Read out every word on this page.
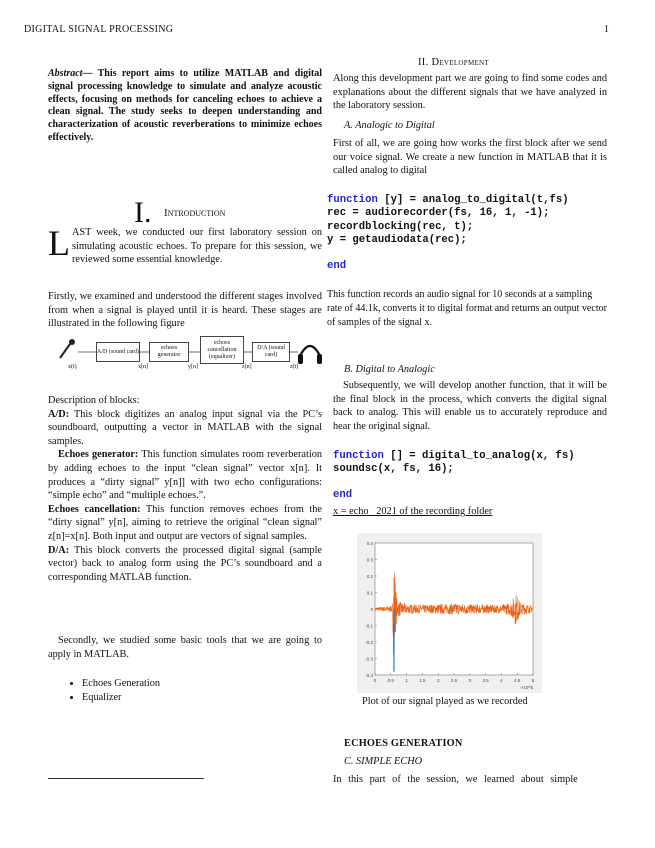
DIGITAL SIGNAL PROCESSING	1

Abstract— This report aims to utilize MATLAB and digital signal processing knowledge to simulate and analyze acoustic effects, focusing on methods for canceling echoes to achieve a clean signal. The study seeks to deepen understanding and characterization of acoustic reverberations to minimize echoes effectively.

I. Introduction

LAST week, we conducted our first laboratory session on simulating acoustic echoes. To prepare for this session, we reviewed some essential knowledge.

Firstly, we examined and understood the different stages involved from when a signal is played until it is heard. These stages are illustrated in the following figure

A/D (sound card)
echoes generator
echoes cancellation (equalizer)
D/A (sound card)
x(t)	x[n]	y[n]	z[n]	z(t)

Description of blocks:

A/D: This block digitizes an analog input signal via the PC’s soundboard, outputting a vector in MATLAB with the signal samples.

Echoes generator: This function simulates room reverberation by adding echoes to the input “clean signal” vector x[n]. It produces a “dirty signal” y[n]] with two echo configurations: “simple echo” and “multiple echoes.”.

Echoes cancellation: This function removes echoes from the “dirty signal” y[n], aiming to retrieve the original “clean signal” z[n]=x[n]. Both input and output are vectors of signal samples.

D/A: This block converts the processed digital signal (sample vector) back to analog form using the PC’s soundboard and a corresponding MATLAB function.

Secondly, we studied some basic tools that we are going to apply in MATLAB.

• Echoes Generation
• Equalizer
II. Development

Along this development part we are going to find some codes and explanations about the different signals that we have analyzed in the laboratory session.

A. Analogic to Digital

First of all, we are going how works the first block after we send our voice signal. We create a new function in MATLAB that it is called analog to digital

function [y] = analog_to_digital(t,fs)

rec = audiorecorder(fs, 16, 1, -1);

recordblocking(rec, t);

y = getaudiodata(rec);

end

This function records an audio signal for 10 seconds at a sampling rate of 44.1k, converts it to digital format and returns an output vector of samples of the signal x.

B. Digital to Analogic

Subsequently, we will develop another function, that it will be the final block in the process, which converts the digital signal back to analog. This will enable us to accurately reproduce and hear the original signal.

function [] = digital_to_analog(x, fs)

soundsc(x, fs, 16);

end

x = echo _2021 of the recording folder
0.4
0.3
0.2
0.1
0
-0.1
-0.2
-0.3
-0.4
0	0.5	1	1.5	2	2.5	3	3.5	4	4.5	5
×10^5
Plot of our signal played as we recorded
ECHOES GENERATION
C. SIMPLE ECHO

In this part of the session, we learned about simple
